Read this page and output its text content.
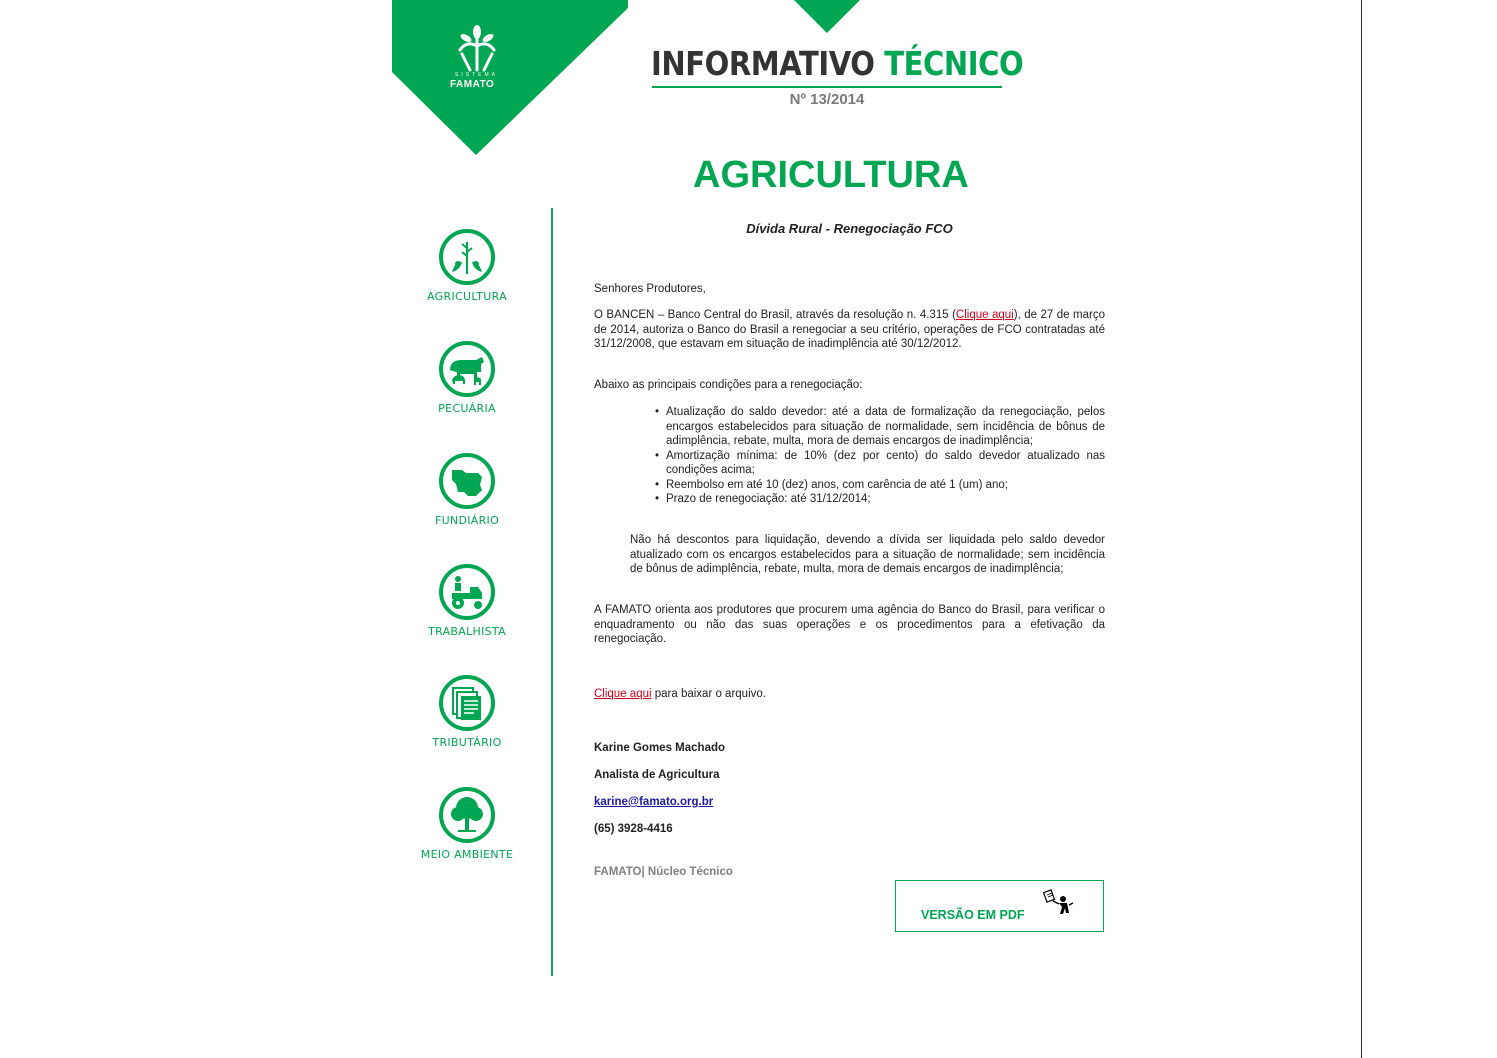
SISTEMA
FAMATO
INFORMATIVO TÉCNICO
Nº 13/2014
AGRICULTURA
AGRICULTURA
PECUÁRIA
FUNDIÁRIO
TRABALHISTA
TRIBUTÁRIO
MEIO AMBIENTE
Dívida Rural - Renegociação FCO
Senhores Produtores,
O BANCEN – Banco Central do Brasil, através da resolução n. 4.315 (Clique aqui), de 27 de março de 2014, autoriza o Banco do Brasil a renegociar a seu critério, operações de FCO contratadas até 31/12/2008, que estavam em situação de inadimplência até 30/12/2012.
Abaixo as principais condições para a renegociação:
• Atualização do saldo devedor: até a data de formalização da renegociação, pelos encargos estabelecidos para situação de normalidade, sem incidência de bônus de adimplência, rebate, multa, mora de demais encargos de inadimplência;
• Amortização mínima: de 10% (dez por cento) do saldo devedor atualizado nas condições acima;
• Reembolso em até 10 (dez) anos, com carência de até 1 (um) ano;
• Prazo de renegociação: até 31/12/2014;
Não há descontos para liquidação, devendo a dívida ser liquidada pelo saldo devedor atualizado com os encargos estabelecidos para a situação de normalidade; sem incidência de bônus de adimplência, rebate, multa, mora de demais encargos de inadimplência;
A FAMATO orienta aos produtores que procurem uma agência do Banco do Brasil, para verificar o enquadramento ou não das suas operações e os procedimentos para a efetivação da renegociação.
Clique aqui para baixar o arquivo.
Karine Gomes Machado
Analista de Agricultura
karine@famato.org.br
(65) 3928-4416
FAMATO| Núcleo Técnico
VERSÃO EM PDF
